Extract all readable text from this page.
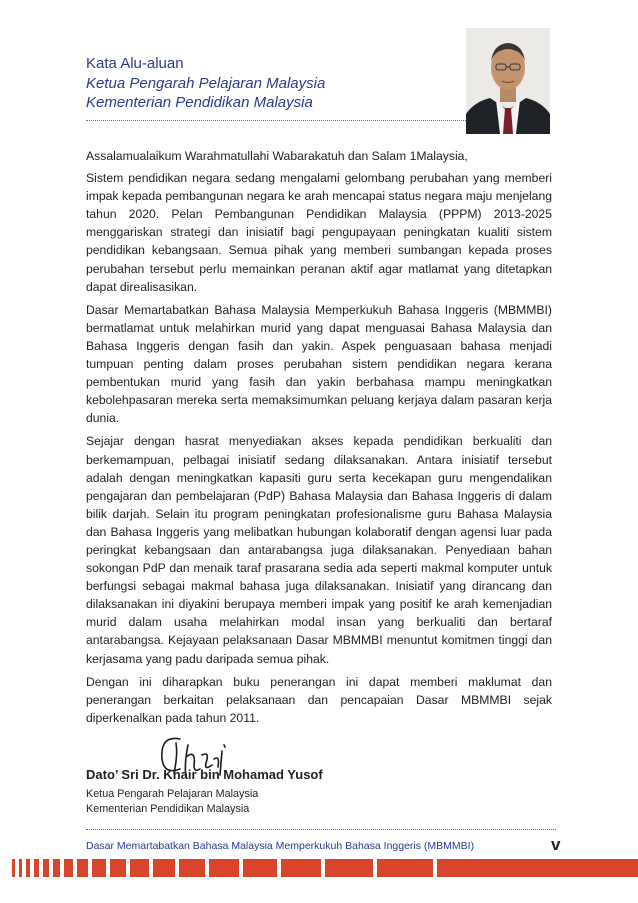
Kata Alu-aluan
Ketua Pengarah Pelajaran Malaysia
Kementerian Pendidikan Malaysia

Assalamualaikum Warahmatullahi Wabarakatuh dan Salam 1Malaysia,

Sistem pendidikan negara sedang mengalami gelombang perubahan yang memberi impak kepada pembangunan negara ke arah mencapai status negara maju menjelang tahun 2020. Pelan Pembangunan Pendidikan Malaysia (PPPM) 2013-2025 menggariskan strategi dan inisiatif bagi pengupayaan peningkatan kualiti sistem pendidikan kebangsaan. Semua pihak yang memberi sumbangan kepada proses perubahan tersebut perlu memainkan peranan aktif agar matlamat yang ditetapkan dapat direalisasikan.

Dasar Memartabatkan Bahasa Malaysia Memperkukuh Bahasa Inggeris (MBMMBI) bermatlamat untuk melahirkan murid yang dapat menguasai Bahasa Malaysia dan Bahasa Inggeris dengan fasih dan yakin. Aspek penguasaan bahasa menjadi tumpuan penting dalam proses perubahan sistem pendidikan negara kerana pembentukan murid yang fasih dan yakin berbahasa mampu meningkatkan kebolehpasaran mereka serta memaksimumkan peluang kerjaya dalam pasaran kerja dunia.

Sejajar dengan hasrat menyediakan akses kepada pendidikan berkualiti dan berkemampuan, pelbagai inisiatif sedang dilaksanakan. Antara inisiatif tersebut adalah dengan meningkatkan kapasiti guru serta kecekapan guru mengendalikan pengajaran dan pembelajaran (PdP) Bahasa Malaysia dan Bahasa Inggeris di dalam bilik darjah. Selain itu program peningkatan profesionalisme guru Bahasa Malaysia dan Bahasa Inggeris yang melibatkan hubungan kolaboratif dengan agensi luar pada peringkat kebangsaan dan antarabangsa juga dilaksanakan. Penyediaan bahan sokongan PdP dan menaik taraf prasarana sedia ada seperti makmal komputer untuk berfungsi sebagai makmal bahasa juga dilaksanakan. Inisiatif yang dirancang dan dilaksanakan ini diyakini berupaya memberi impak yang positif ke arah kemenjadian murid dalam usaha melahirkan modal insan yang berkualiti dan bertaraf antarabangsa. Kejayaan pelaksanaan Dasar MBMMBI menuntut komitmen tinggi dan kerjasama yang padu daripada semua pihak.

Dengan ini diharapkan buku penerangan ini dapat memberi maklumat dan penerangan berkaitan pelaksanaan dan pencapaian Dasar MBMMBI sejak diperkenalkan pada tahun 2011.

Dato’ Sri Dr. Khair bin Mohamad Yusof
Ketua Pengarah Pelajaran Malaysia
Kementerian Pendidikan Malaysia
Dasar Memartabatkan Bahasa Malaysia Memperkukuh Bahasa Inggeris (MBMMBI)	v
